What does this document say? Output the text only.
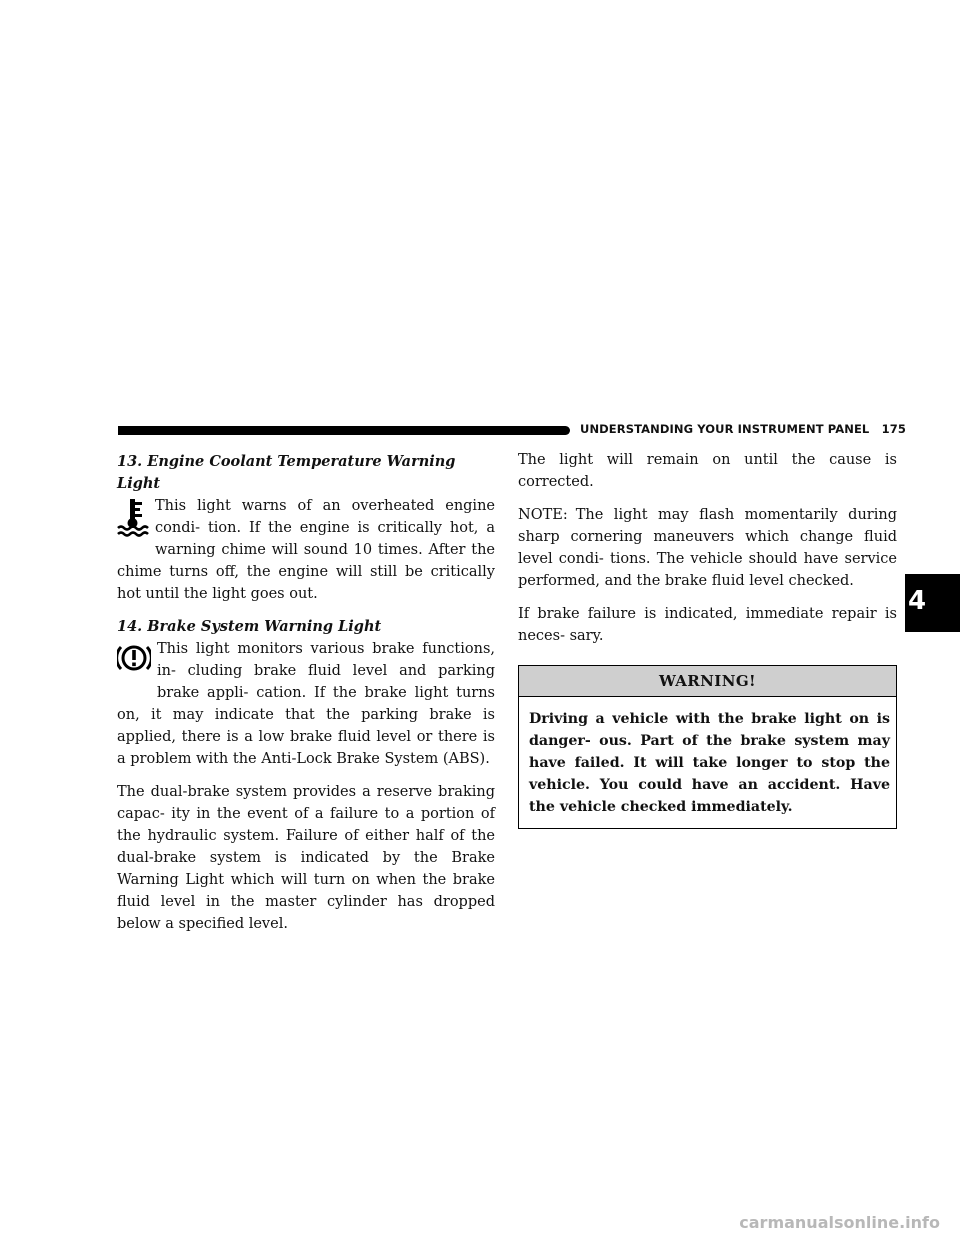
UNDERSTANDING YOUR INSTRUMENT PANEL 175
13. Engine Coolant Temperature Warning Light
This light warns of an overheated engine condi- tion. If the engine is critically hot, a warning chime will sound 10 times. After the chime turns off, the engine will still be critically hot until the light goes out.
14. Brake System Warning Light
This light monitors various brake functions, in- cluding brake fluid level and parking brake appli- cation. If the brake light turns on, it may indicate that the parking brake is applied, there is a low brake fluid level or there is a problem with the Anti-Lock Brake System (ABS).

The dual-brake system provides a reserve braking capac- ity in the event of a failure to a portion of the hydraulic system. Failure of either half of the dual-brake system is indicated by the Brake Warning Light which will turn on when the brake fluid level in the master cylinder has dropped below a specified level.

The light will remain on until the cause is corrected.

NOTE: The light may flash momentarily during sharp cornering maneuvers which change fluid level condi- tions. The vehicle should have service performed, and the brake fluid level checked.

If brake failure is indicated, immediate repair is neces- sary.

WARNING!
Driving a vehicle with the brake light on is danger- ous. Part of the brake system may have failed. It will take longer to stop the vehicle. You could have an accident. Have the vehicle checked immediately.
4
carmanualsonline.info
